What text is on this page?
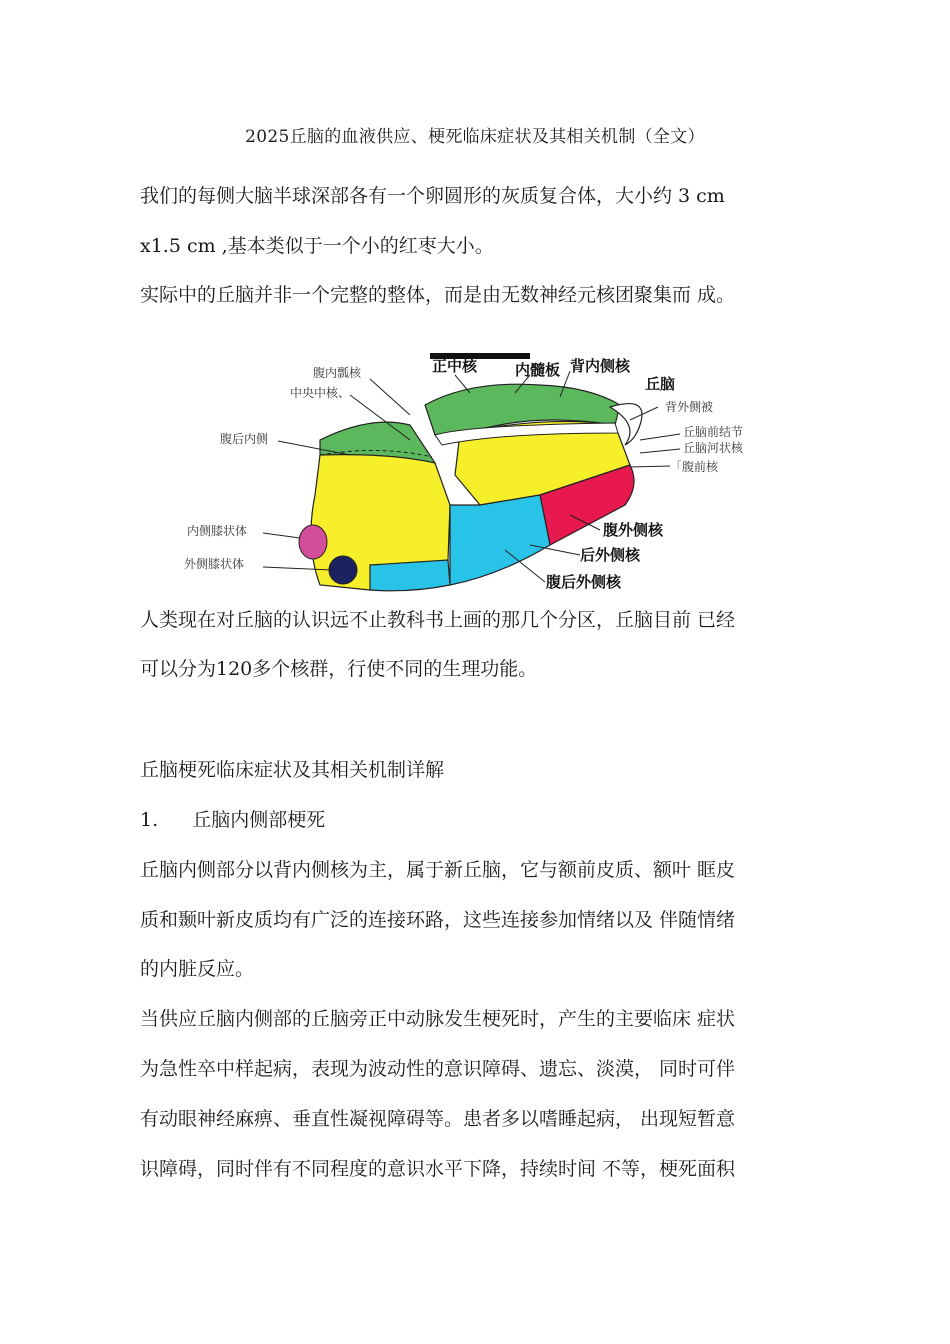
2025丘脑的血液供应、梗死临床症状及其相关机制（全文）
我们的每侧大脑半球深部各有一个卵圆形的灰质复合体，大小约 3 cm
x1.5 cm ,基本类似于一个小的红枣大小。
实际中的丘脑并非一个完整的整体，而是由无数神经元核团聚集而 成。
腹内瓢核
中央中核、
腹后内侧
内侧膝状体
外侧膝状体
背外侧被
丘脑前结节
丘脑河状核
「腹前核
正中核	内髓板 背内侧核
丘脑
腹外侧核
后外侧核
腹后外侧核
人类现在对丘脑的认识远不止教科书上画的那几个分区，丘脑目前 已经
可以分为120多个核群，行使不同的生理功能。
丘脑梗死临床症状及其相关机制详解
1. 丘脑内侧部梗死
丘脑内侧部分以背内侧核为主，属于新丘脑，它与额前皮质、额叶 眶皮
质和颞叶新皮质均有广泛的连接环路，这些连接参加情绪以及 伴随情绪
的内脏反应。
当供应丘脑内侧部的丘脑旁正中动脉发生梗死时，产生的主要临床 症状
为急性卒中样起病，表现为波动性的意识障碍、遗忘、淡漠， 同时可伴
有动眼神经麻痹、垂直性凝视障碍等。患者多以嗜睡起病， 出现短暂意
识障碍，同时伴有不同程度的意识水平下降，持续时间 不等，梗死面积
